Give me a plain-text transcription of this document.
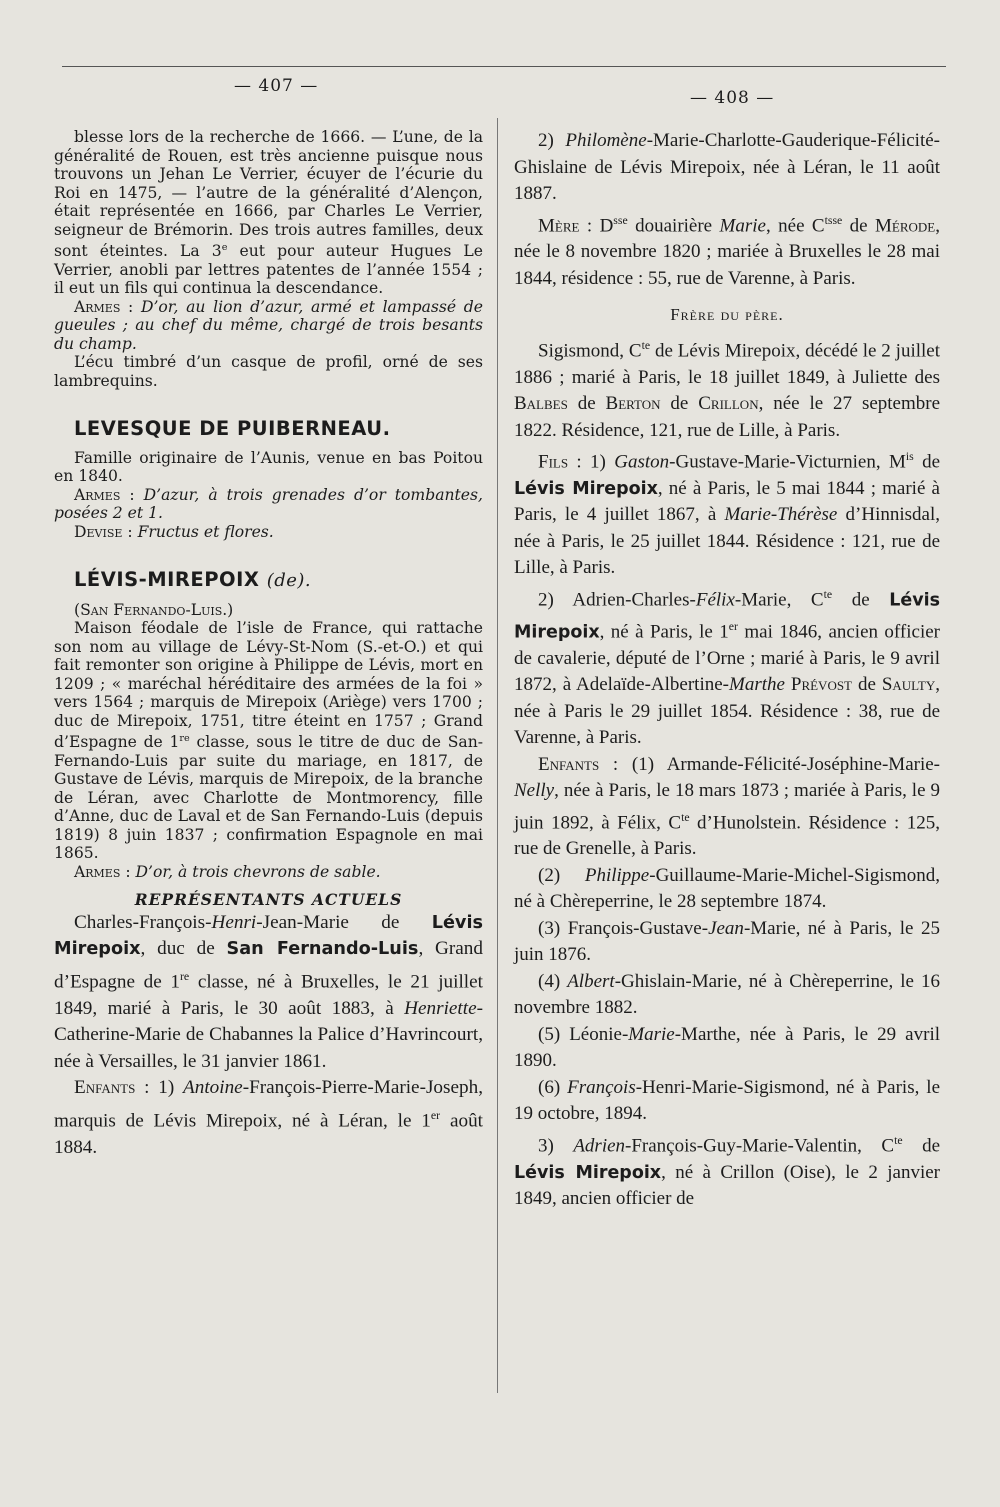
— 407 —
— 408 —

blesse lors de la recherche de 1666. — L’une, de la généralité de Rouen, est très ancienne puisque nous trouvons un Jehan Le Verrier, écuyer de l’écurie du Roi en 1475, — l’autre de la généralité d’Alençon, était représentée en 1666, par Charles Le Verrier, seigneur de Brémorin. Des trois autres familles, deux sont éteintes. La 3e eut pour auteur Hugues Le Verrier, anobli par lettres patentes de l’année 1554 ; il eut un fils qui continua la descendance.

Armes : D’or, au lion d’azur, armé et lampassé de gueules ; au chef du même, chargé de trois besants du champ.

L’écu timbré d’un casque de profil, orné de ses lambrequins.

LEVESQUE DE PUIBERNEAU.

Famille originaire de l’Aunis, venue en bas Poitou en 1840.

Armes : D’azur, à trois grenades d’or tombantes, posées 2 et 1.

Devise : Fructus et flores.

LÉVIS-MIREPOIX (de).

(San Fernando-Luis.)

Maison féodale de l’isle de France, qui rattache son nom au village de Lévy-St-Nom (S.-et-O.) et qui fait remonter son origine à Philippe de Lévis, mort en 1209 ; « maréchal héréditaire des armées de la foi » vers 1564 ; marquis de Mirepoix (Ariège) vers 1700 ; duc de Mirepoix, 1751, titre éteint en 1757 ; Grand d’Espagne de 1re classe, sous le titre de duc de San-Fernando-Luis par suite du mariage, en 1817, de Gustave de Lévis, marquis de Mirepoix, de la branche de Léran, avec Charlotte de Montmorency, fille d’Anne, duc de Laval et de San Fernando-Luis (depuis 1819) 8 juin 1837 ; confirmation Espagnole en mai 1865.

Armes : D’or, à trois chevrons de sable.

REPRÉSENTANTS ACTUELS

Charles-François-Henri-Jean-Marie de Lévis Mirepoix, duc de San Fernando-Luis, Grand d’Espagne de 1re classe, né à Bruxelles, le 21 juillet 1849, marié à Paris, le 30 août 1883, à Henriette-Catherine-Marie de Chabannes la Palice d’Havrincourt, née à Versailles, le 31 janvier 1861.

Enfants : 1) Antoine-François-Pierre-Marie-Joseph, marquis de Lévis Mirepoix, né à Léran, le 1er août 1884.

2) Philomène-Marie-Charlotte-Gauderique-Félicité-Ghislaine de Lévis Mirepoix, née à Léran, le 11 août 1887.

Mère : $D^{sse}$ douairière Marie, née $C^{tsse}$ de Mérode, née le 8 novembre 1820 ; mariée à Bruxelles le 28 mai 1844, résidence : 55, rue de Varenne, à Paris.

Frère du père.

Sigismond, $C^{te}$ de Lévis Mirepoix, décédé le 2 juillet 1886 ; marié à Paris, le 18 juillet 1849, à Juliette des Balbes de Berton de Crillon, née le 27 septembre 1822. Résidence, 121, rue de Lille, à Paris.

Fils : 1) Gaston-Gustave-Marie-Victurnien, $M^{is}$ de Lévis Mirepoix, né à Paris, le 5 mai 1844 ; marié à Paris, le 4 juillet 1867, à Marie-Thérèse d’Hinnisdal, née à Paris, le 25 juillet 1844. Résidence : 121, rue de Lille, à Paris.

2) Adrien-Charles-Félix-Marie, $C^{te}$ de Lévis Mirepoix, né à Paris, le 1er mai 1846, ancien officier de cavalerie, député de l’Orne ; marié à Paris, le 9 avril 1872, à Adelaïde-Albertine-Marthe Prévost de Saulty, née à Paris le 29 juillet 1854. Résidence : 38, rue de Varenne, à Paris.

Enfants : (1) Armande-Félicité-Joséphine-Marie-Nelly, née à Paris, le 18 mars 1873 ; mariée à Paris, le 9 juin 1892, à Félix, $C^{te}$ d’Hunolstein. Résidence : 125, rue de Grenelle, à Paris.

(2) Philippe-Guillaume-Marie-Michel-Sigismond, né à Chèreperrine, le 28 septembre 1874.

(3) François-Gustave-Jean-Marie, né à Paris, le 25 juin 1876.

(4) Albert-Ghislain-Marie, né à Chèreperrine, le 16 novembre 1882.

(5) Léonie-Marie-Marthe, née à Paris, le 29 avril 1890.

(6) François-Henri-Marie-Sigismond, né à Paris, le 19 octobre, 1894.

3) Adrien-François-Guy-Marie-Valentin, $C^{te}$ de Lévis Mirepoix, né à Crillon (Oise), le 2 janvier 1849, ancien officier de
